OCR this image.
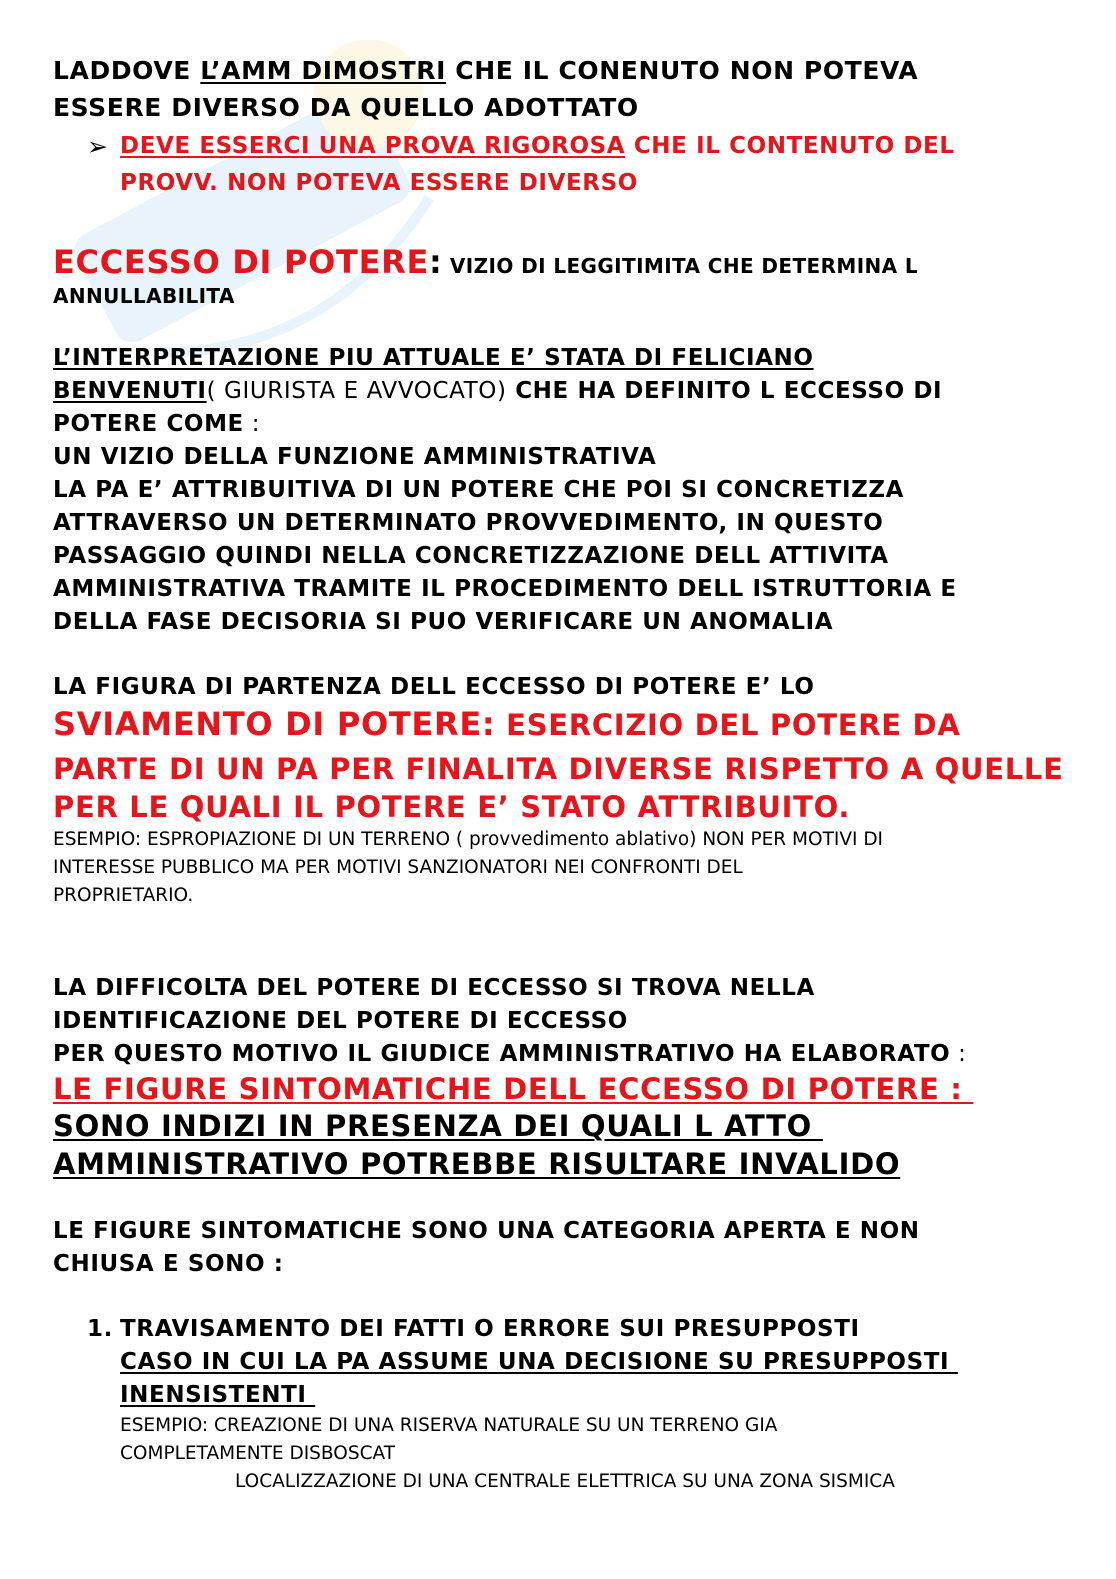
LADDOVE L’AMM DIMOSTRI CHE IL CONENUTO NON POTEVA

ESSERE DIVERSO DA QUELLO ADOTTATO

➢ DEVE ESSERCI UNA PROVA RIGOROSA CHE IL CONTENUTO DEL
PROVV. NON POTEVA ESSERE DIVERSO

ECCESSO DI POTERE: VIZIO DI LEGGITIMITA CHE DETERMINA L

ANNULLABILITA

L’INTERPRETAZIONE PIU ATTUALE E’ STATA DI FELICIANO

BENVENUTI( GIURISTA E AVVOCATO) CHE HA DEFINITO L ECCESSO DI

POTERE COME :

UN VIZIO DELLA FUNZIONE AMMINISTRATIVA

LA PA E’ ATTRIBUITIVA DI UN POTERE CHE POI SI CONCRETIZZA

ATTRAVERSO UN DETERMINATO PROVVEDIMENTO, IN QUESTO

PASSAGGIO QUINDI NELLA CONCRETIZZAZIONE DELL ATTIVITA

AMMINISTRATIVA TRAMITE IL PROCEDIMENTO DELL ISTRUTTORIA E

DELLA FASE DECISORIA SI PUO VERIFICARE UN ANOMALIA

LA FIGURA DI PARTENZA DELL ECCESSO DI POTERE E’ LO

SVIAMENTO DI POTERE: ESERCIZIO DEL POTERE DA

PARTE DI UN PA PER FINALITA DIVERSE RISPETTO A QUELLE

PER LE QUALI IL POTERE E’ STATO ATTRIBUITO.

ESEMPIO: ESPROPIAZIONE DI UN TERRENO ( provvedimento ablativo) NON PER MOTIVI DI

INTERESSE PUBBLICO MA PER MOTIVI SANZIONATORI NEI CONFRONTI DEL

PROPRIETARIO.

LA DIFFICOLTA DEL POTERE DI ECCESSO SI TROVA NELLA

IDENTIFICAZIONE DEL POTERE DI ECCESSO

PER QUESTO MOTIVO IL GIUDICE AMMINISTRATIVO HA ELABORATO :

LE FIGURE SINTOMATICHE DELL ECCESSO DI POTERE :

SONO INDIZI IN PRESENZA DEI QUALI L ATTO

AMMINISTRATIVO POTREBBE RISULTARE INVALIDO

LE FIGURE SINTOMATICHE SONO UNA CATEGORIA APERTA E NON

CHIUSA E SONO :

1. TRAVISAMENTO DEI FATTI O ERRORE SUI PRESUPPOSTI

CASO IN CUI LA PA ASSUME UNA DECISIONE SU PRESUPPOSTI

INENSISTENTI

ESEMPIO: CREAZIONE DI UNA RISERVA NATURALE SU UN TERRENO GIA

COMPLETAMENTE DISBOSCAT

LOCALIZZAZIONE DI UNA CENTRALE ELETTRICA SU UNA ZONA SISMICA
